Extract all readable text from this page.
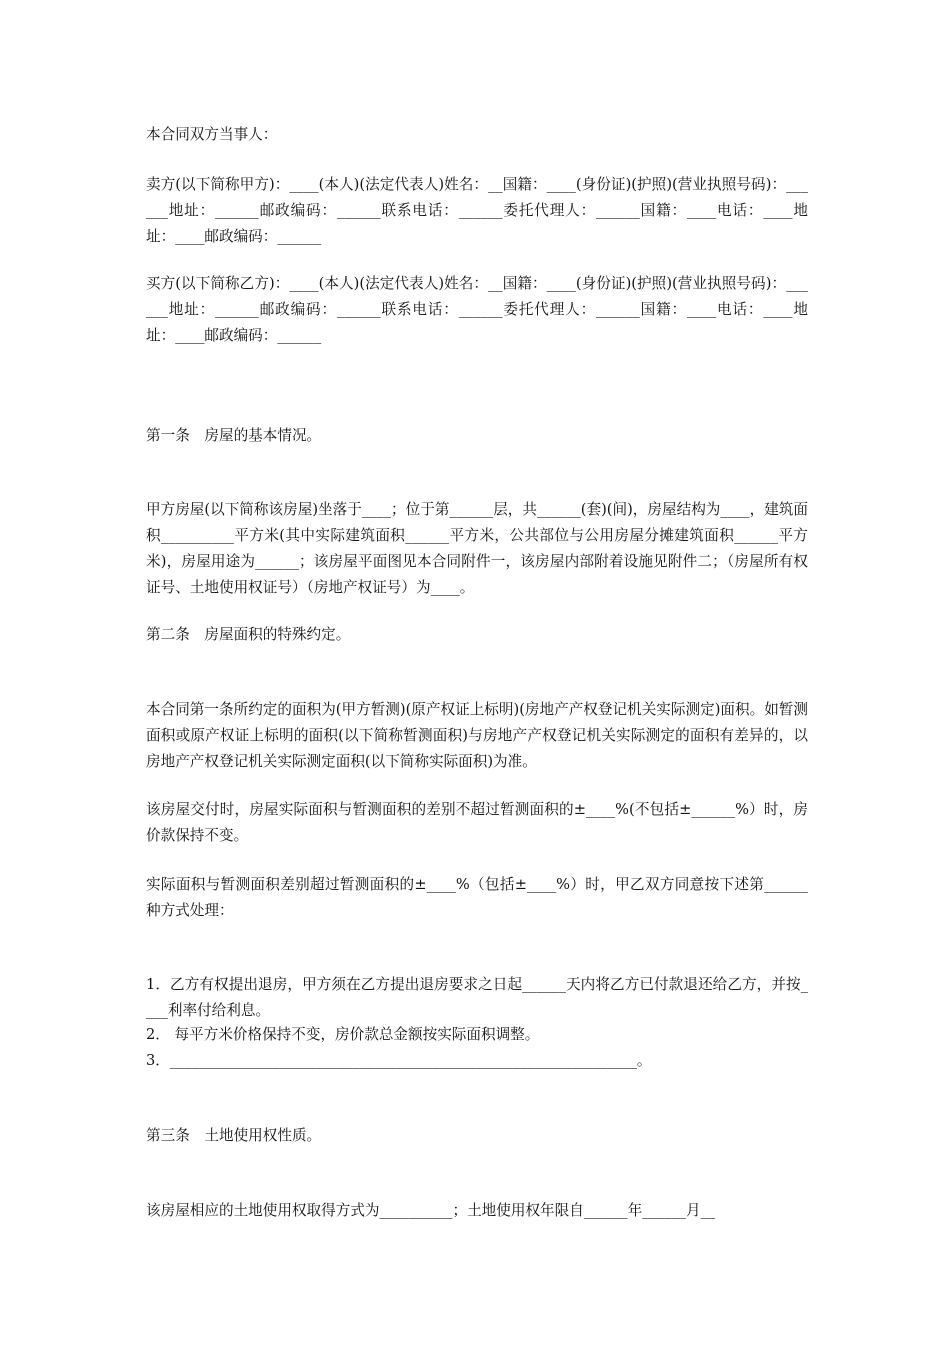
本合同双方当事人：

卖方(以下简称甲方)：____(本人)(法定代表人)姓名：__国籍：____(身份证)(护照)(营业执照号码)：______地址：______邮政编码：______联系电话：______委托代理人：______国籍：____电话：____地址：____邮政编码：______

买方(以下简称乙方)：____(本人)(法定代表人)姓名：__国籍：____(身份证)(护照)(营业执照号码)：______地址：______邮政编码：______联系电话：______委托代理人：______国籍：____电话：____地址：____邮政编码：______

第一条　房屋的基本情况。

甲方房屋(以下简称该房屋)坐落于____；位于第______层，共______(套)(间)，房屋结构为____，建筑面积__________平方米(其中实际建筑面积______平方米，公共部位与公用房屋分摊建筑面积______平方米)，房屋用途为______；该房屋平面图见本合同附件一，该房屋内部附着设施见附件二；（房屋所有权证号、土地使用权证号）（房地产权证号）为____。

第二条　房屋面积的特殊约定。

本合同第一条所约定的面积为(甲方暂测)(原产权证上标明)(房地产产权登记机关实际测定)面积。如暂测面积或原产权证上标明的面积(以下简称暂测面积)与房地产产权登记机关实际测定的面积有差异的，以房地产产权登记机关实际测定面积(以下简称实际面积)为准。

该房屋交付时，房屋实际面积与暂测面积的差别不超过暂测面积的±____%(不包括±______%）时，房价款保持不变。

实际面积与暂测面积差别超过暂测面积的±____%（包括±____%）时，甲乙双方同意按下述第______种方式处理：

1．乙方有权提出退房，甲方须在乙方提出退房要求之日起______天内将乙方已付款退还给乙方，并按____利率付给利息。

2． 每平方米价格保持不变，房价款总金额按实际面积调整。

3．________________________________________________________________。

第三条　土地使用权性质。

该房屋相应的土地使用权取得方式为__________；土地使用权年限自______年______月__
